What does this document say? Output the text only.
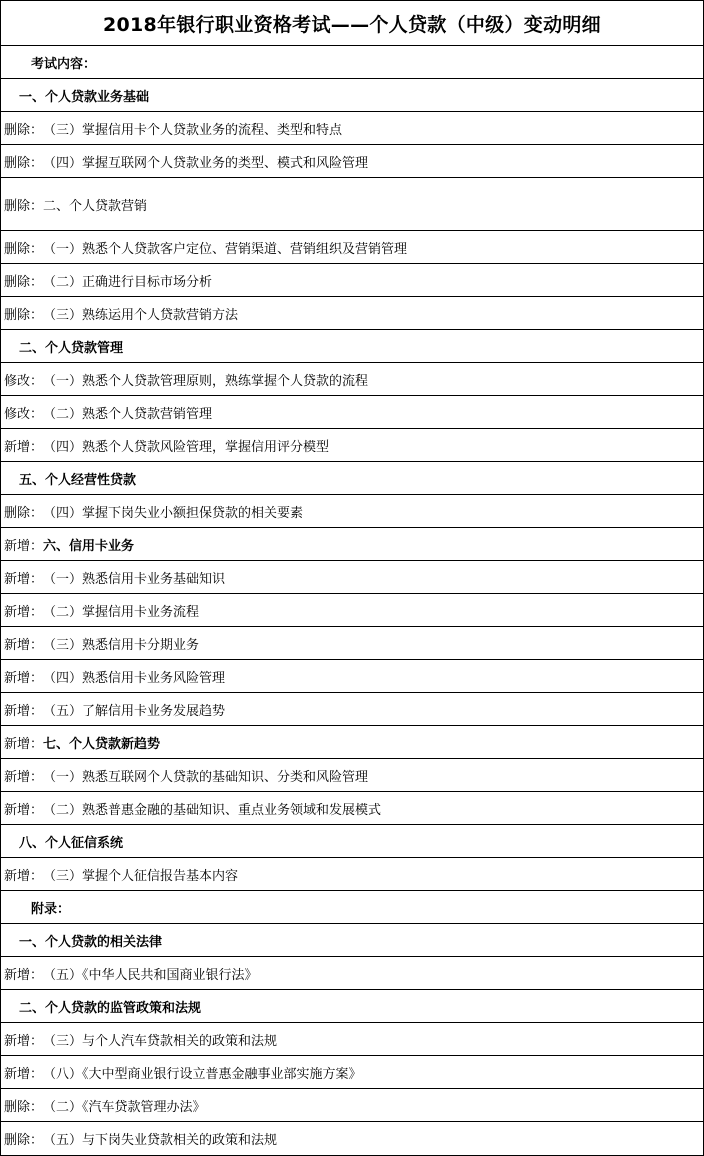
2018年银行职业资格考试——个人贷款（中级）变动明细
考试内容：
一、个人贷款业务基础
删除： （三）掌握信用卡个人贷款业务的流程、类型和特点
删除： （四）掌握互联网个人贷款业务的类型、模式和风险管理
删除： 二、个人贷款营销
删除： （一）熟悉个人贷款客户定位、营销渠道、营销组织及营销管理
删除： （二）正确进行目标市场分析
删除： （三）熟练运用个人贷款营销方法
二、个人贷款管理
修改： （一）熟悉个人贷款管理原则，熟练掌握个人贷款的流程
修改： （二）熟悉个人贷款营销管理
新增： （四）熟悉个人贷款风险管理，掌握信用评分模型
五、个人经营性贷款
删除： （四）掌握下岗失业小额担保贷款的相关要素
新增： 六、信用卡业务
新增： （一）熟悉信用卡业务基础知识
新增： （二）掌握信用卡业务流程
新增： （三）熟悉信用卡分期业务
新增： （四）熟悉信用卡业务风险管理
新增： （五）了解信用卡业务发展趋势
新增： 七、个人贷款新趋势
新增： （一）熟悉互联网个人贷款的基础知识、分类和风险管理
新增： （二）熟悉普惠金融的基础知识、重点业务领域和发展模式
八、个人征信系统
新增： （三）掌握个人征信报告基本内容
附录：
一、个人贷款的相关法律
新增： （五）《中华人民共和国商业银行法》
二、个人贷款的监管政策和法规
新增： （三）与个人汽车贷款相关的政策和法规
新增： （八）《大中型商业银行设立普惠金融事业部实施方案》
删除： （二）《汽车贷款管理办法》
删除： （五）与下岗失业贷款相关的政策和法规
